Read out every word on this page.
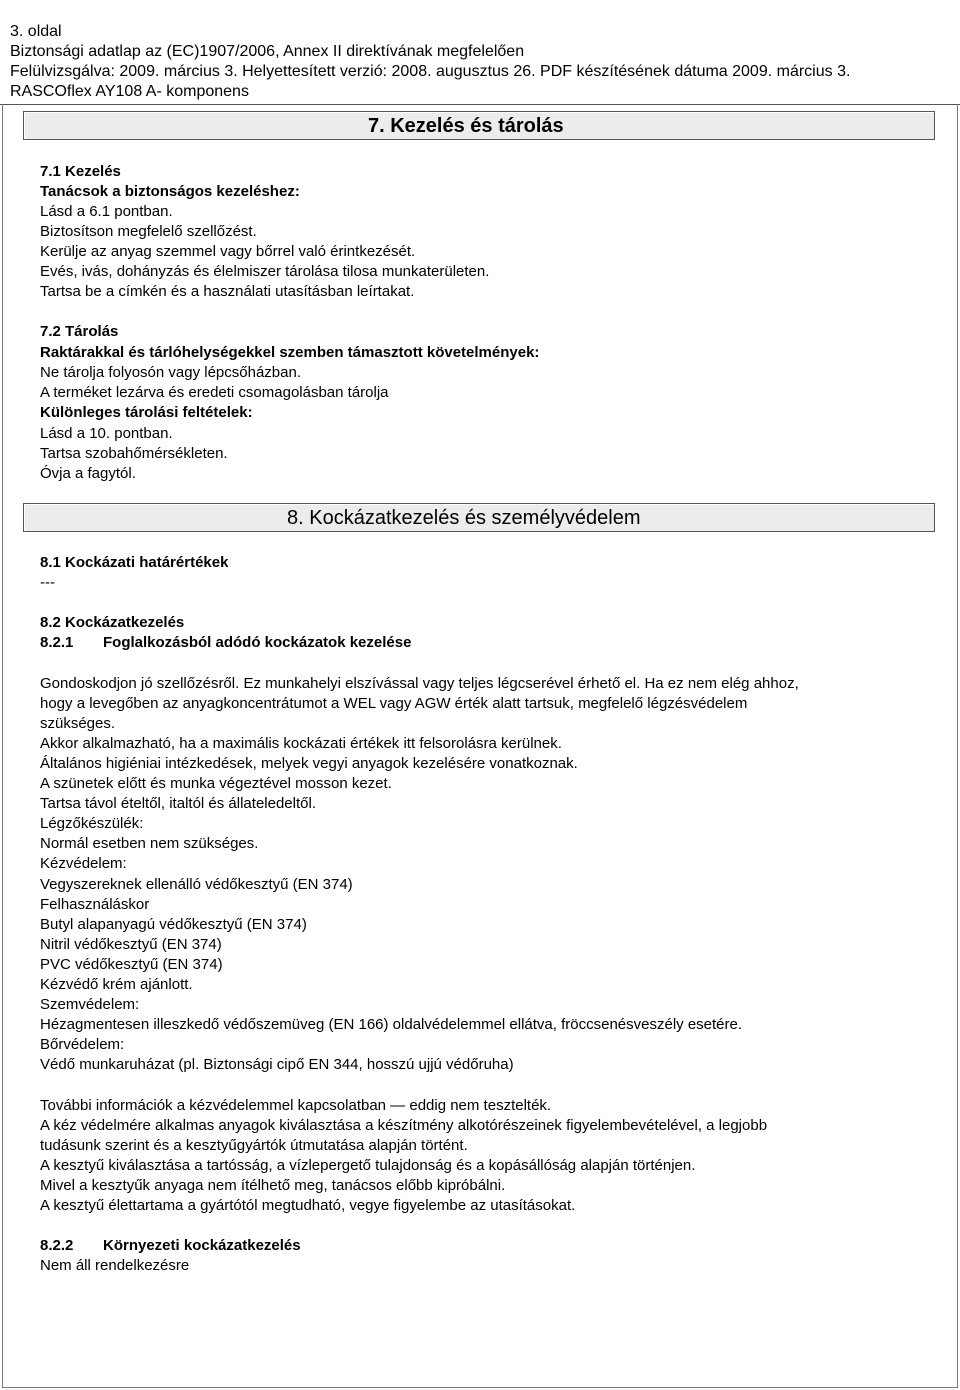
3. oldal
Biztonsági adatlap az (EC)1907/2006, Annex II direktívának megfelelően
Felülvizsgálva: 2009. március 3. Helyettesített verzió: 2008. augusztus 26. PDF készítésének dátuma 2009. március 3.
RASCOflex AY108 A- komponens
7. Kezelés és tárolás
7.1 Kezelés
Tanácsok a biztonságos kezeléshez:
Lásd a 6.1 pontban.
Biztosítson megfelelő szellőzést.
Kerülje az anyag szemmel vagy bőrrel való érintkezését.
Evés, ivás, dohányzás és élelmiszer tárolása tilosa munkaterületen.
Tartsa be a címkén és a használati utasításban leírtakat.
7.2 Tárolás
Raktárakkal és tárlóhelységekkel szemben támasztott követelmények:
Ne tárolja folyosón vagy lépcsőházban.
A terméket lezárva és eredeti csomagolásban tárolja
Különleges tárolási feltételek:
Lásd a 10. pontban.
Tartsa szobahőmérsékleten.
Óvja a fagytól.
8. Kockázatkezelés és személyvédelem
8.1 Kockázati határértékek
---
8.2 Kockázatkezelés
8.2.1 Foglalkozásból adódó kockázatok kezelése
Gondoskodjon jó szellőzésről. Ez munkahelyi elszívással vagy teljes légcserével érhető el. Ha ez nem elég ahhoz,
hogy a levegőben az anyagkoncentrátumot a WEL vagy AGW érték alatt tartsuk, megfelelő légzésvédelem
szükséges.
Akkor alkalmazható, ha a maximális kockázati értékek itt felsorolásra kerülnek.
Általános higiéniai intézkedések, melyek vegyi anyagok kezelésére vonatkoznak.
A szünetek előtt és munka végeztével mosson kezet.
Tartsa távol ételtől, italtól és állateledeltől.
Légzőkészülék:
Normál esetben nem szükséges.
Kézvédelem:
Vegyszereknek ellenálló védőkesztyű (EN 374)
Felhasználáskor
Butyl alapanyagú védőkesztyű (EN 374)
Nitril védőkesztyű (EN 374)
PVC védőkesztyű (EN 374)
Kézvédő krém ajánlott.
Szemvédelem:
Hézagmentesen illeszkedő védőszemüveg (EN 166) oldalvédelemmel ellátva, fröccsenésveszély esetére.
Bőrvédelem:
Védő munkaruházat (pl. Biztonsági cipő EN 344, hosszú ujjú védőruha)
További információk a kézvédelemmel kapcsolatban — eddig nem tesztelték.
A kéz védelmére alkalmas anyagok kiválasztása a készítmény alkotórészeinek figyelembevételével, a legjobb
tudásunk szerint és a kesztyűgyártók útmutatása alapján történt.
A kesztyű kiválasztása a tartósság, a vízlepergető tulajdonság és a kopásállóság alapján történjen.
Mivel a kesztyűk anyaga nem ítélhető meg, tanácsos előbb kipróbálni.
A kesztyű élettartama a gyártótól megtudható, vegye figyelembe az utasításokat.
8.2.2 Környezeti kockázatkezelés
Nem áll rendelkezésre
